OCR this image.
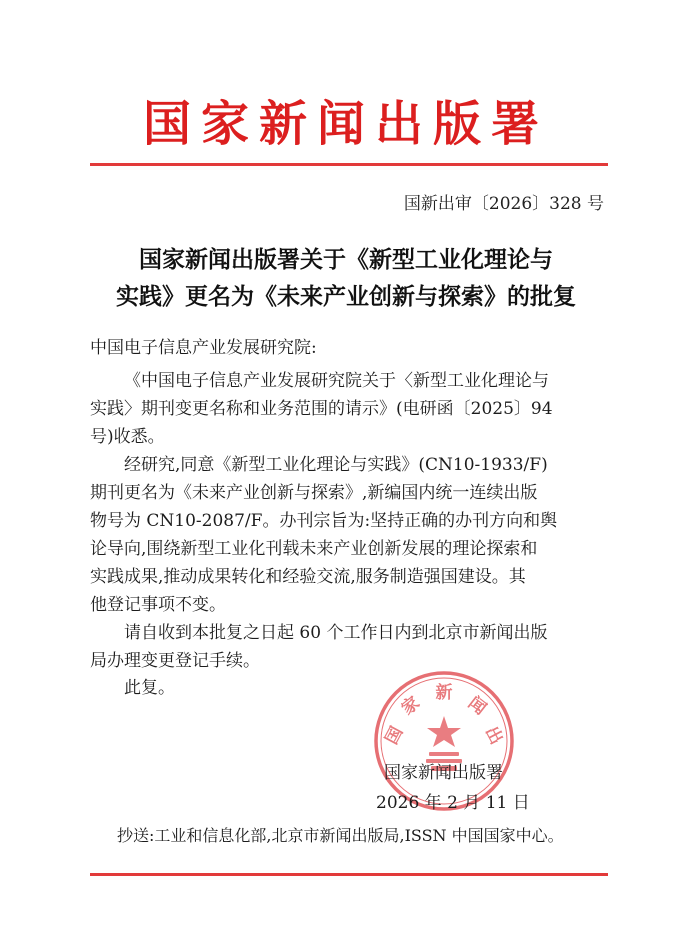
国家新闻出版署
国新出审〔2026〕328 号
国家新闻出版署关于《新型工业化理论与
实践》更名为《未来产业创新与探索》的批复
中国电子信息产业发展研究院:
《中国电子信息产业发展研究院关于〈新型工业化理论与
实践〉期刊变更名称和业务范围的请示》(电研函〔2025〕94
号)收悉。
经研究,同意《新型工业化理论与实践》(CN10-1933/F)
期刊更名为《未来产业创新与探索》,新编国内统一连续出版
物号为 CN10-2087/F。办刊宗旨为:坚持正确的办刊方向和舆
论导向,围绕新型工业化刊载未来产业创新发展的理论探索和
实践成果,推动成果转化和经验交流,服务制造强国建设。其
他登记事项不变。
请自收到本批复之日起 60 个工作日内到北京市新闻出版
局办理变更登记手续。
此复。
国
家 新 闻
出
国家新闻出版署
2026 年 2 月 11 日
抄送:工业和信息化部,北京市新闻出版局,ISSN 中国国家中心。
